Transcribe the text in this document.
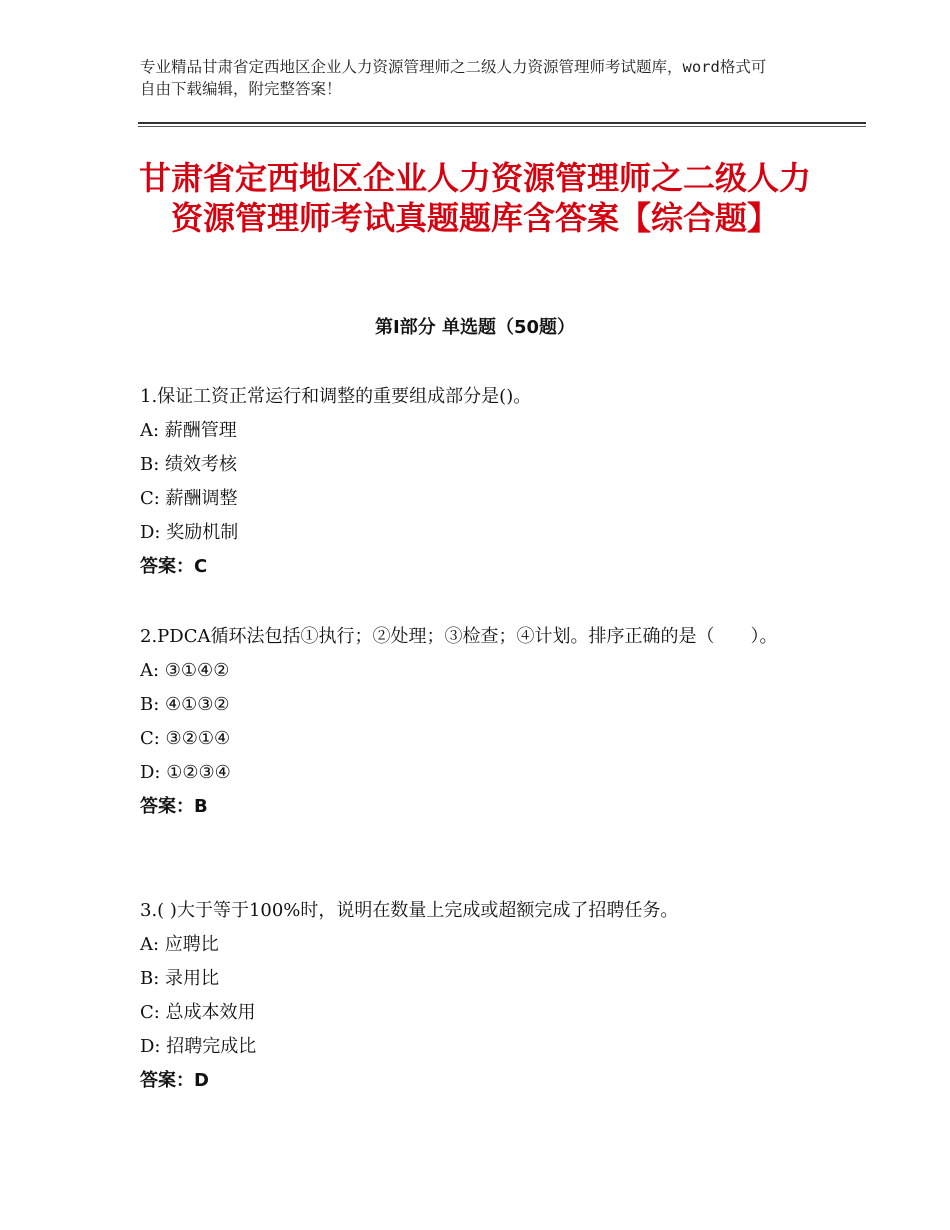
专业精品甘肃省定西地区企业人力资源管理师之二级人力资源管理师考试题库，word格式可自由下载编辑，附完整答案！
甘肃省定西地区企业人力资源管理师之二级人力资源管理师考试真题题库含答案【综合题】
第Ⅰ部分 单选题（50题）

1.保证工资正常运行和调整的重要组成部分是()。

A: 薪酬管理

B: 绩效考核

C: 薪酬调整

D: 奖励机制

答案：C

2.PDCA循环法包括①执行；②处理；③检查；④计划。排序正确的是（　　）。

A: ③①④②

B: ④①③②

C: ③②①④

D: ①②③④

答案：B

3.( )大于等于100%时，说明在数量上完成或超额完成了招聘任务。

A: 应聘比

B: 录用比

C: 总成本效用

D: 招聘完成比

答案：D
